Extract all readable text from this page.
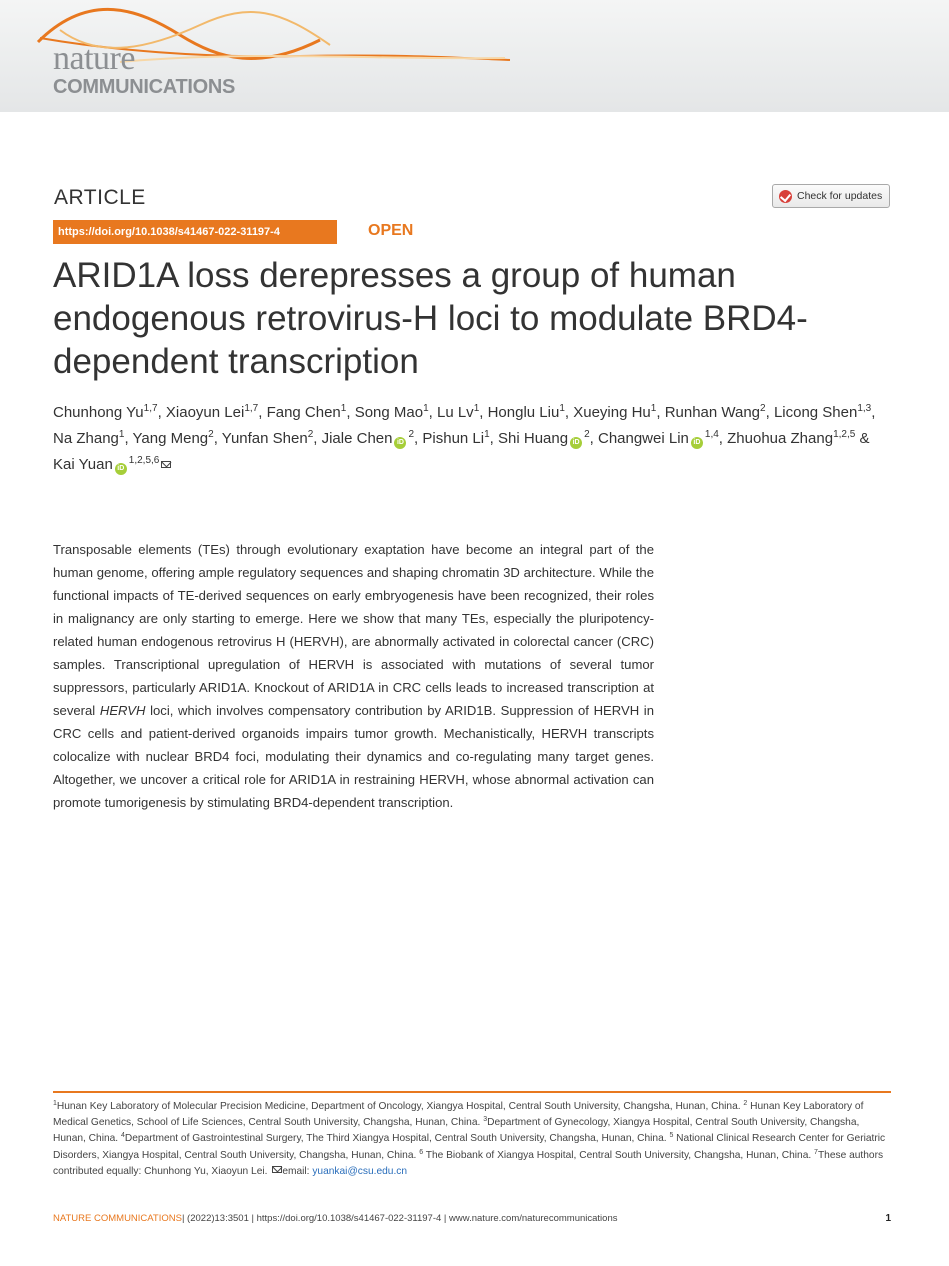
nature
COMMUNICATIONS
ARTICLE	Check for updates
https://doi.org/10.1038/s41467-022-31197-4	OPEN
ARID1A loss derepresses a group of human endogenous retrovirus-H loci to modulate BRD4-dependent transcription
Chunhong Yu$^{1,7}$, Xiaoyun Lei$^{1,7}$, Fang Chen$^1$, Song Mao$^1$, Lu Lv$^1$, Honglu Liu$^1$, Xueying Hu$^1$, Runhan Wang$^2$, Licong Shen$^{1,3}$, Na Zhang$^1$, Yang Meng$^2$, Yunfan Shen$^2$, Jiale Chen $iD^2$, Pishun Li$^1$, Shi Huang $iD^2$, Changwei Lin iD$^{1,4}$, Zhuohua Zhang$^{1,2,5}$ & Kai Yuan iD$^{1,2,5,6}$
Transposable elements (TEs) through evolutionary exaptation have become an integral part of the human genome, offering ample regulatory sequences and shaping chromatin 3D architecture. While the functional impacts of TE-derived sequences on early embryogenesis have been recognized, their roles in malignancy are only starting to emerge. Here we show that many TEs, especially the pluripotency-related human endogenous retrovirus H (HERVH), are abnormally activated in colorectal cancer (CRC) samples. Transcriptional upregulation of HERVH is associated with mutations of several tumor suppressors, particularly ARID1A. Knockout of ARID1A in CRC cells leads to increased transcription at several HERVH loci, which involves compensatory contribution by ARID1B. Suppression of HERVH in CRC cells and patient-derived organoids impairs tumor growth. Mechanistically, HERVH transcripts colocalize with nuclear BRD4 foci, modulating their dynamics and co-regulating many target genes. Altogether, we uncover a critical role for ARID1A in restraining HERVH, whose abnormal activation can promote tumorigenesis by stimulating BRD4-dependent transcription.
$^1$Hunan Key Laboratory of Molecular Precision Medicine, Department of Oncology, Xiangya Hospital, Central South University, Changsha, Hunan, China. $^2$ Hunan Key Laboratory of Medical Genetics, School of Life Sciences, Central South University, Changsha, Hunan, China. $^3$Department of Gynecology, Xiangya Hospital, Central South University, Changsha, Hunan, China. $^4$Department of Gastrointestinal Surgery, The Third Xiangya Hospital, Central South University, Changsha, Hunan, China. $^5$ National Clinical Research Center for Geriatric Disorders, Xiangya Hospital, Central South University, Changsha, Hunan, China. $^6$ The Biobank of Xiangya Hospital, Central South University, Changsha, Hunan, China. $^7$These authors contributed equally: Chunhong Yu, Xiaoyun Lei. email: yuankai@csu.edu.cn
NATURE COMMUNICATIONS | (2022)13:3501 | https://doi.org/10.1038/s41467-022-31197-4 | www.nature.com/naturecommunications	1
